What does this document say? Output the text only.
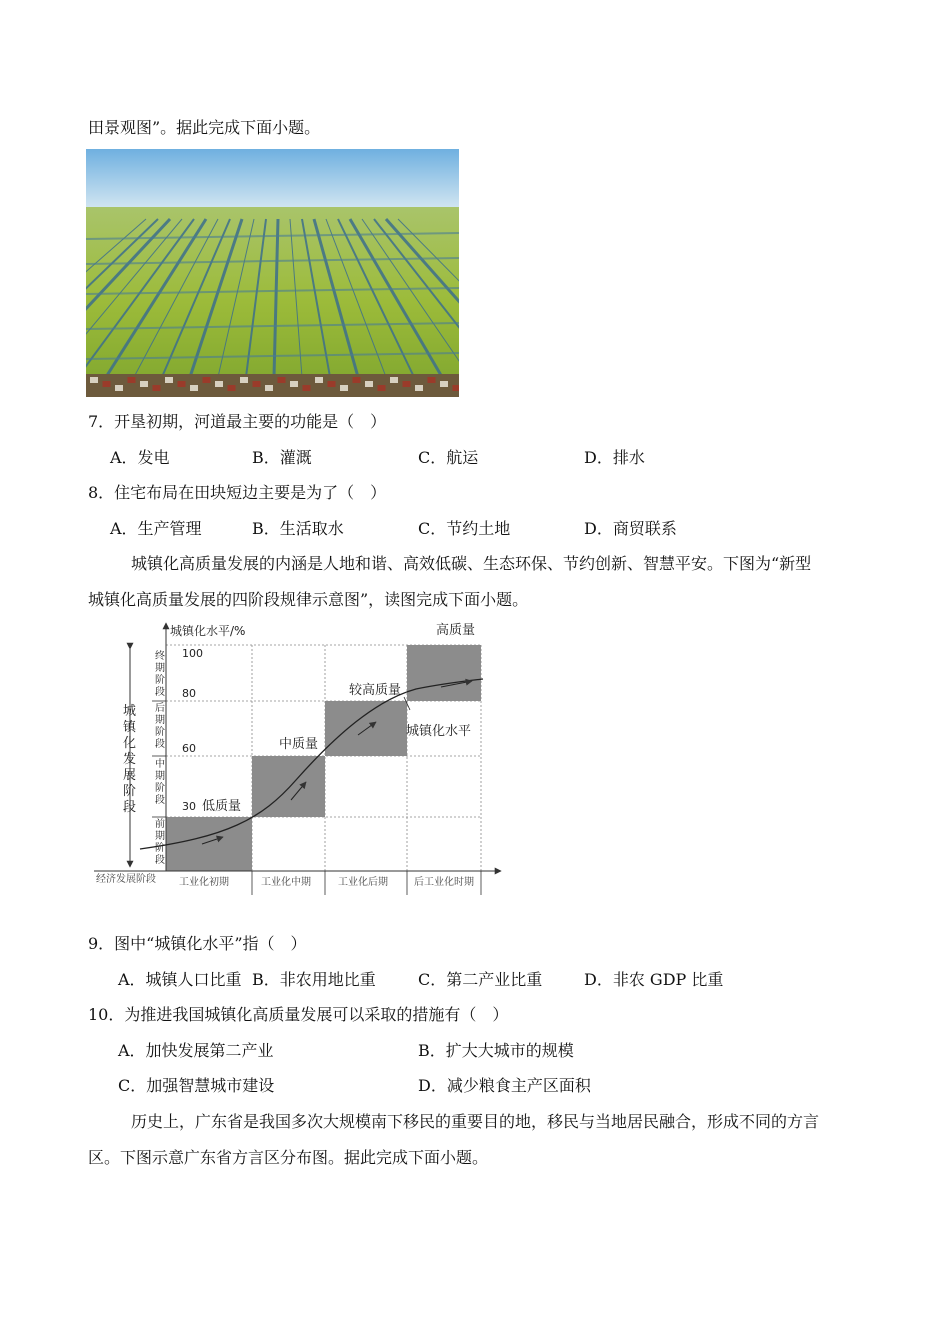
田景观图”。据此完成下面小题。
7．开垦初期，河道最主要的功能是（　）
A．发电	B．灌溉	C．航运	D．排水
8．住宅布局在田块短边主要是为了（　）
A．生产管理	B．生活取水	C．节约土地	D．商贸联系
城镇化高质量发展的内涵是人地和谐、高效低碳、生态环保、节约创新、智慧平安。下图为“新型
城镇化高质量发展的四阶段规律示意图”，读图完成下面小题。
城镇化水平/%
100
80
60
30 低质量
中质量
较高质量
高质量
城镇化水平
经济发展阶段 工业化初期	工业化中期	工业化后期	后工业化时期
城
镇
化
发
展
阶
段
终
期
阶
段
后
期
阶
段
中
期
阶
段
前
期
阶
段
9．图中“城镇化水平”指（　）
A．城镇人口比重 B．非农用地比重	C．第二产业比重	D．非农 GDP 比重
10．为推进我国城镇化高质量发展可以采取的措施有（　）
A．加快发展第二产业	B．扩大大城市的规模
C．加强智慧城市建设	D．减少粮食主产区面积
历史上，广东省是我国多次大规模南下移民的重要目的地，移民与当地居民融合，形成不同的方言
区。下图示意广东省方言区分布图。据此完成下面小题。
